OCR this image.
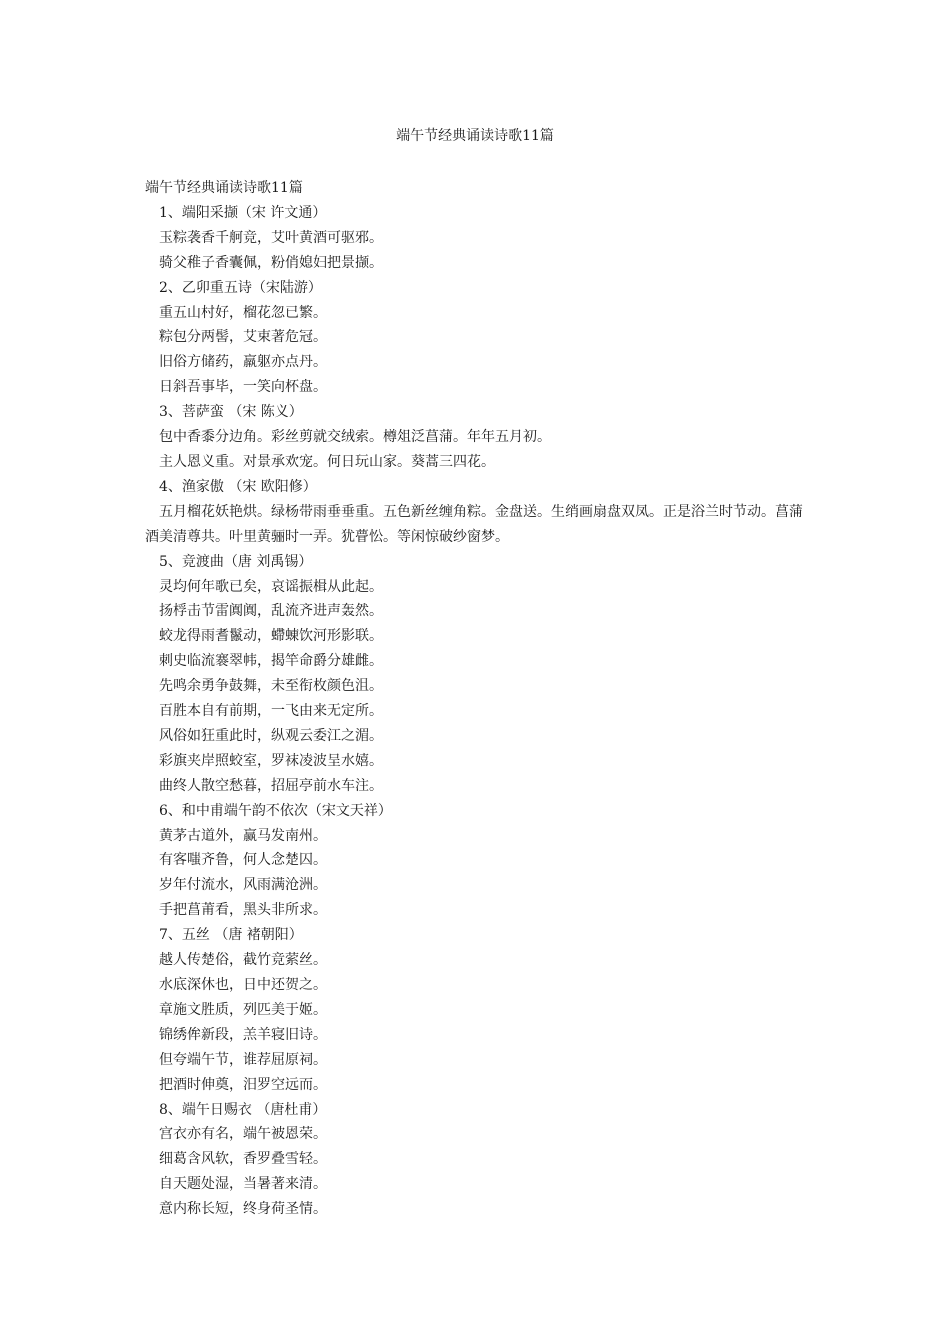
端午节经典诵读诗歌11篇

端午节经典诵读诗歌11篇

1、端阳采撷（宋 许文通）

玉粽袭香千舸竞，艾叶黄酒可驱邪。

骑父稚子香囊佩，粉俏媳妇把景撷。

2、乙卯重五诗（宋陆游）

重五山村好，榴花忽已繁。

粽包分两髻，艾束著危冠。

旧俗方储药，羸躯亦点丹。

日斜吾事毕，一笑向杯盘。

3、菩萨蛮 （宋 陈义）

包中香黍分边角。彩丝剪就交绒索。樽俎泛菖蒲。年年五月初。

主人恩义重。对景承欢宠。何日玩山家。葵蒿三四花。

4、渔家傲 （宋 欧阳修）

五月榴花妖艳烘。绿杨带雨垂垂重。五色新丝缠角粽。金盘送。生绡画扇盘双凤。正是浴兰时节动。菖蒲酒美清尊共。叶里黄骊时一弄。犹瞢忪。等闲惊破纱窗梦。

5、竞渡曲（唐 刘禹锡）

灵均何年歌已矣，哀谣振楫从此起。

扬桴击节雷阗阗，乱流齐进声轰然。

蛟龙得雨耆鬣动，螮蝀饮河形影联。

刺史临流褰翠帏，揭竿命爵分雄雌。

先鸣余勇争鼓舞，未至衔枚颜色沮。

百胜本自有前期，一飞由来无定所。

风俗如狂重此时，纵观云委江之湄。

彩旗夹岸照蛟室，罗袜凌波呈水嬉。

曲终人散空愁暮，招屈亭前水车注。

6、和中甫端午韵不依次（宋文天祥）

黄茅古道外，赢马发南州。

有客嗤齐鲁，何人念楚囚。

岁年付流水，风雨满沧洲。

手把菖莆看，黑头非所求。

7、五丝 （唐 褚朝阳）

越人传楚俗，截竹竞萦丝。

水底深休也，日中还贺之。

章施文胜质，列匹美于姬。

锦绣侔新段，羔羊寝旧诗。

但夸端午节，谁荐屈原祠。

把酒时伸奠，汨罗空远而。

8、端午日赐衣 （唐杜甫）

宫衣亦有名，端午被恩荣。

细葛含风软，香罗叠雪轻。

自天题处湿，当暑著来清。

意内称长短，终身荷圣情。
